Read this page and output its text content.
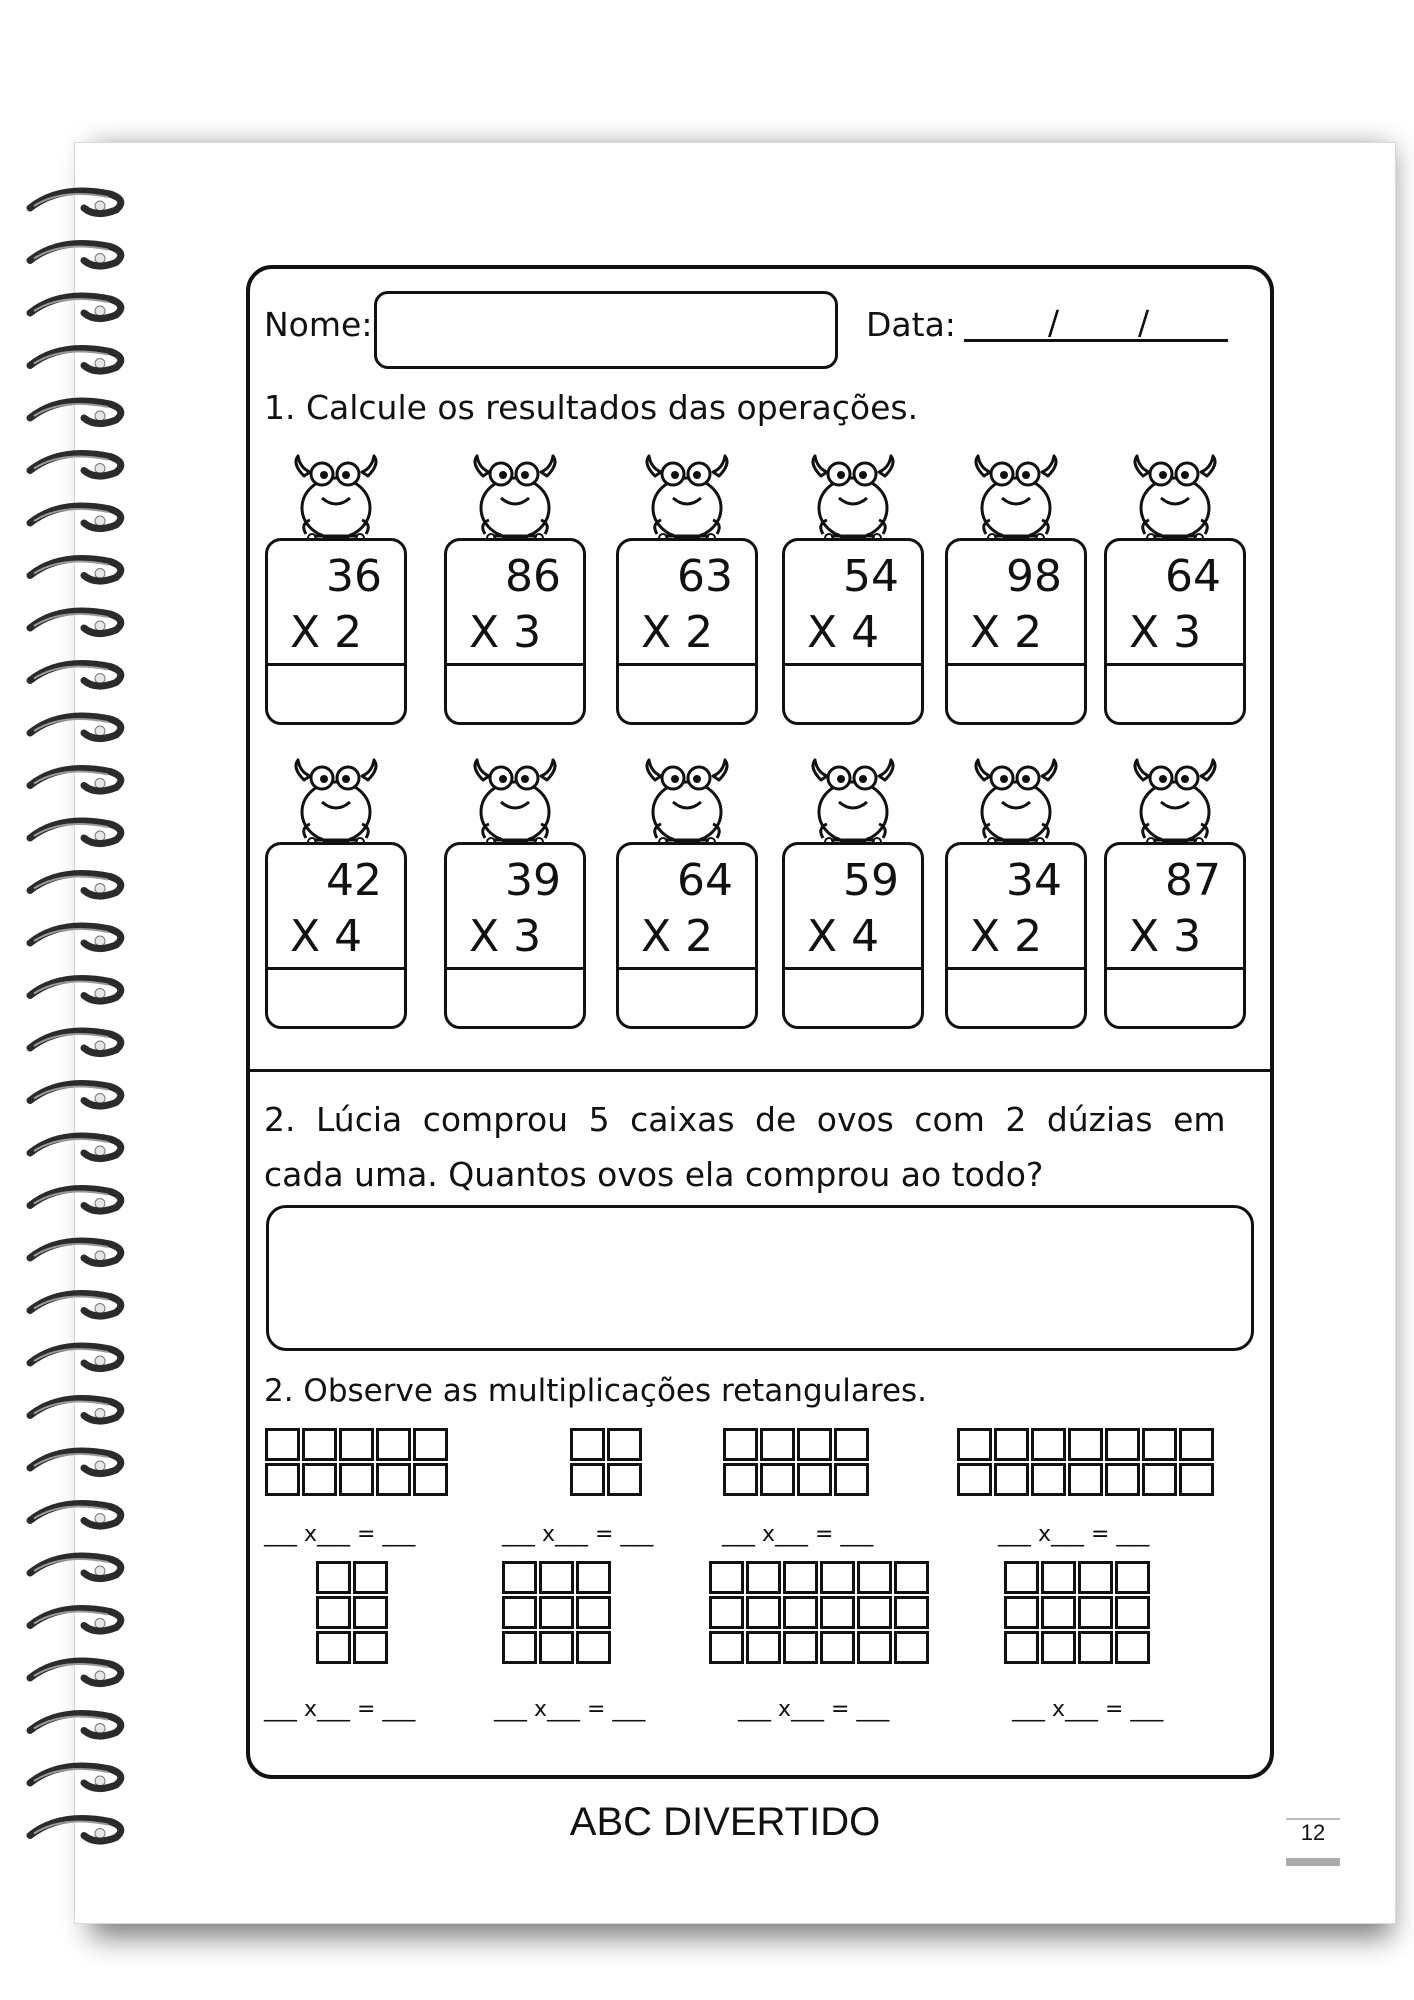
Nome:	Data:	/ /
1. Calcule os resultados das operações.
36
X 2
86
X 3
63
X 2
54
X 4
98
X 2
64
X 3
42
X 4
39
X 3
64
X 2
59
X 4
34
X 2
87
X 3
2. Lúcia comprou 5 caixas de ovos com 2 dúzias em
cada uma. Quantos ovos ela comprou ao todo?
2. Observe as multiplicações retangulares.
___ x___ = ___	___ x___ = ___	___ x___ = ___	___ x___ = ___
___ x___ = ___	___ x___ = ___	___ x___ = ___	___ x___ = ___
ABC DIVERTIDO	12
